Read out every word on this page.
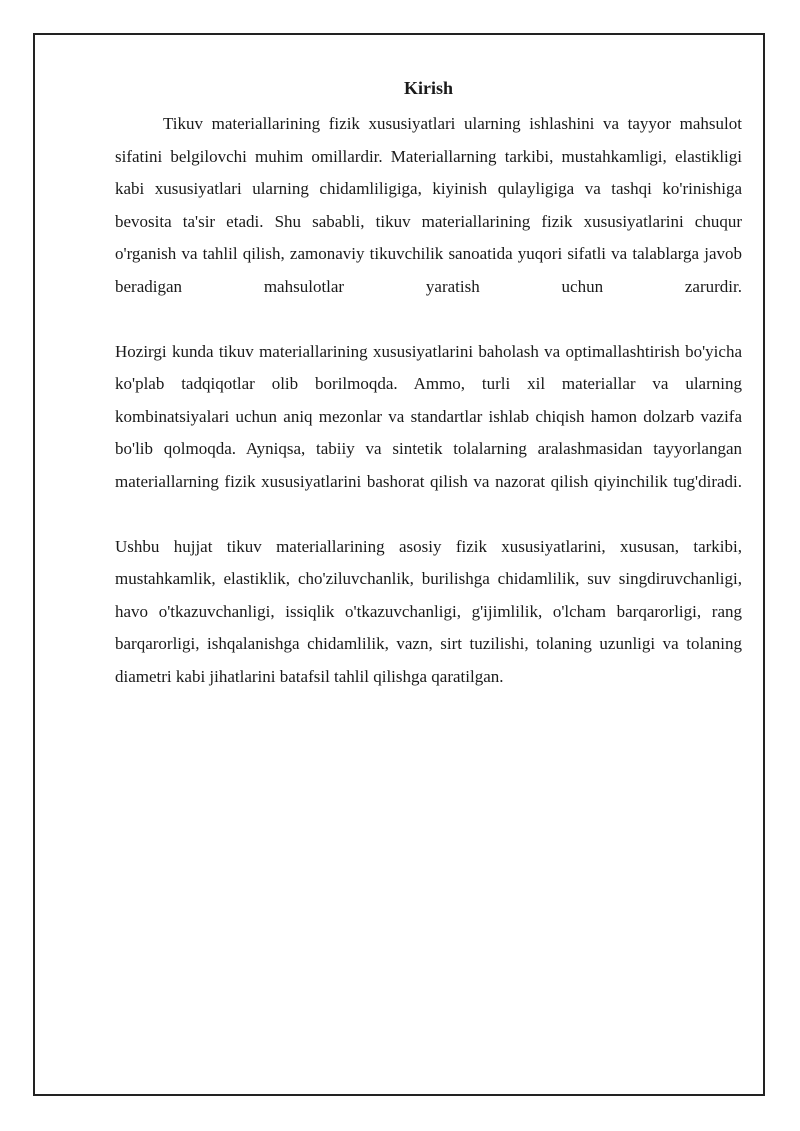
Kirish

Tikuv materiallarining fizik xususiyatlari ularning ishlashini va tayyor mahsulot sifatini belgilovchi muhim omillardir. Materiallarning tarkibi, mustahkamligi, elastikligi kabi xususiyatlari ularning chidamliligiga, kiyinish qulayligiga va tashqi ko'rinishiga bevosita ta'sir etadi. Shu sababli, tikuv materiallarining fizik xususiyatlarini chuqur o'rganish va tahlil qilish, zamonaviy tikuvchilik sanoatida yuqori sifatli va talablarga javob beradigan mahsulotlar yaratish uchun zarurdir.

Hozirgi kunda tikuv materiallarining xususiyatlarini baholash va optimallashtirish bo'yicha ko'plab tadqiqotlar olib borilmoqda. Ammo, turli xil materiallar va ularning kombinatsiyalari uchun aniq mezonlar va standartlar ishlab chiqish hamon dolzarb vazifa bo'lib qolmoqda. Ayniqsa, tabiiy va sintetik tolalarning aralashmasidan tayyorlangan materiallarning fizik xususiyatlarini bashorat qilish va nazorat qilish qiyinchilik tug'diradi.

Ushbu hujjat tikuv materiallarining asosiy fizik xususiyatlarini, xususan, tarkibi, mustahkamlik, elastiklik, cho'ziluvchanlik, burilishga chidamlilik, suv singdiruvchanligi, havo o'tkazuvchanligi, issiqlik o'tkazuvchanligi, g'ijimlilik, o'lcham barqarorligi, rang barqarorligi, ishqalanishga chidamlilik, vazn, sirt tuzilishi, tolaning uzunligi va tolaning diametri kabi jihatlarini batafsil tahlil qilishga qaratilgan.
